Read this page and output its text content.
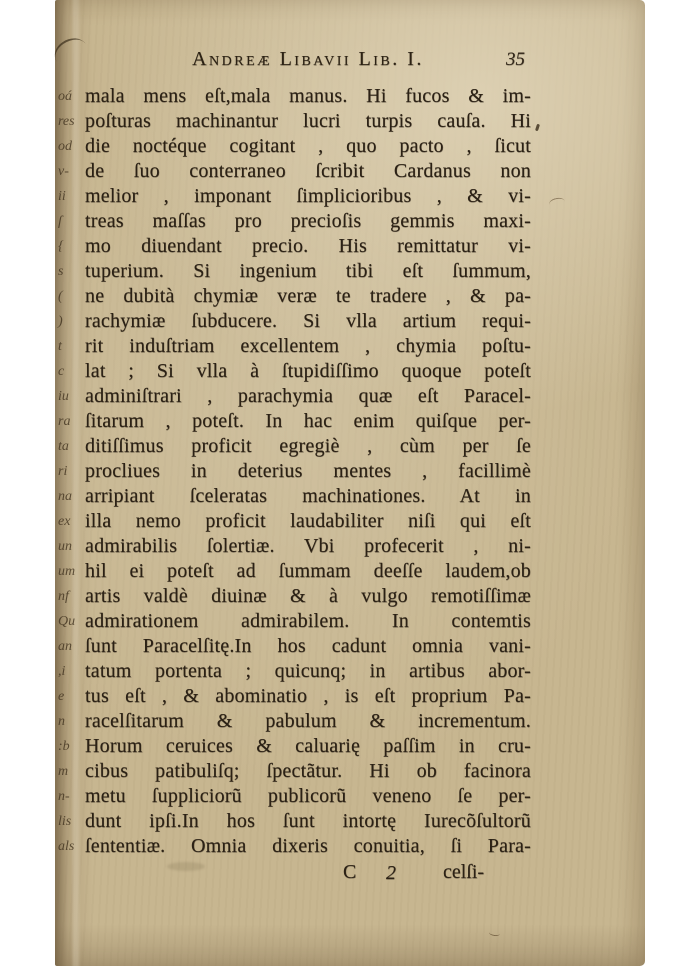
oá
res
od
v-
ii
ſ
{
s
(
)
t
c
iu
ra
ta
ri
na
ex
un
um
nf
Qu
an
,i
e
n
:b
m
n-
lis
als
Andreæ Libavii Lib. I.	35
mala mens eſt,mala manus. Hi fucos & im-
poſturas machinantur lucri turpis cauſa. Hi
die noctéque cogitant , quo pacto , ſicut
de ſuo conterraneo ſcribit Cardanus non
melior , imponant ſimplicioribus , & vi-
treas maſſas pro precioſis gemmis maxi-
mo diuendant precio. His remittatur vi-
tuperium. Si ingenium tibi eſt ſummum,
ne dubità chymiæ veræ te tradere , & pa-
rachymiæ ſubducere. Si vlla artium requi-
rit induſtriam excellentem , chymia poſtu-
lat ; Si vlla à ſtupidiſſimo quoque poteſt
adminiſtrari , parachymia quæ eſt Paracel-
ſitarum , poteſt. In hac enim quiſque per-
ditiſſimus proficit egregiè , cùm per ſe
procliues in deterius mentes , facillimè
arripiant ſceleratas machinationes. At in
illa nemo proficit laudabiliter niſi qui eſt
admirabilis ſolertiæ. Vbi profecerit , ni-
hil ei poteſt ad ſummam deeſſe laudem,ob
artis valdè diuinæ & à vulgo remotiſſimæ
admirationem admirabilem. In contemtis
ſunt Paracelſitę.In hos cadunt omnia vani-
tatum portenta ; quicunq; in artibus abor-
tus eſt , & abominatio , is eſt proprium Pa-
racelſitarum & pabulum & incrementum.
Horum ceruices & caluarię paſſim in cru-
cibus patibuliſq; ſpectãtur. Hi ob facinora
metu ſuppliciorũ publicorũ veneno ſe per-
dunt ipſi.In hos ſunt intortę Iurecõſultorũ
ſententiæ. Omnia dixeris conuitia, ſi Para-
C 2 celſi-
